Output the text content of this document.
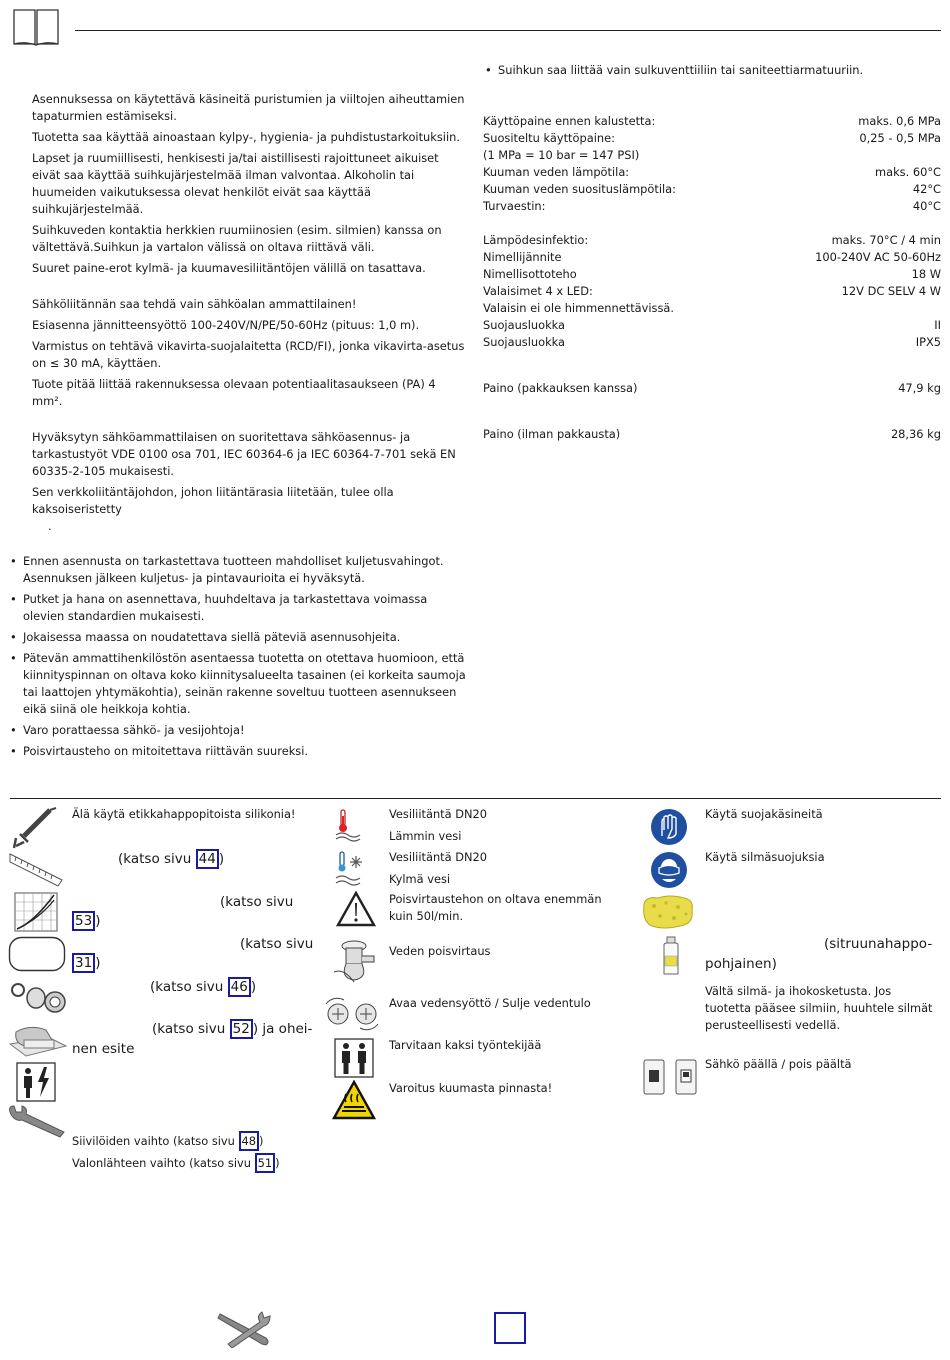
• Suihkun saa liittää vain sulkuventtiiliin tai saniteettiarmatuuriin.

Asennuksessa on käytettävä käsineitä puristumien ja viiltojen aiheuttamien tapaturmien estämiseksi.

Tuotetta saa käyttää ainoastaan kylpy-, hygienia- ja puhdistustarkoituksiin.

Lapset ja ruumiillisesti, henkisesti ja/tai aistillisesti rajoittuneet aikuiset eivät saa käyttää suihkujärjestelmää ilman valvontaa. Alkoholin tai huumeiden vaikutuksessa olevat henkilöt eivät saa käyttää suihkujärjestelmää.

Suihkuveden kontaktia herkkien ruumiinosien (esim. silmien) kanssa on vältettävä.Suihkun ja vartalon välissä on oltava riittävä väli.

Suuret paine-erot kylmä- ja kuumavesiliitäntöjen välillä on tasattava.

Sähköliitännän saa tehdä vain sähköalan ammattilainen!

Esiasenna jännitteensyöttö 100-240V/N/PE/50-60Hz (pituus: 1,0 m).

Varmistus on tehtävä vikavirta-suojalaitetta (RCD/FI), jonka vikavirta-asetus on ≤ 30 mA, käyttäen.

Tuote pitää liittää rakennuksessa olevaan potentiaalitasaukseen (PA) 4 mm².

Hyväksytyn sähköammattilaisen on suoritettava sähköasennus- ja tarkastustyöt VDE 0100 osa 701, IEC 60364-6 ja IEC 60364-7-701 sekä EN 60335-2-105 mukaisesti.

Sen verkkoliitäntäjohdon, johon liitäntärasia liitetään, tulee olla kaksoiseristetty

.

• Ennen asennusta on tarkastettava tuotteen mahdolliset kuljetusvahingot. Asennuksen jälkeen kuljetus- ja pintavaurioita ei hyväksytä.
• Putket ja hana on asennettava, huuhdeltava ja tarkastettava voimassa olevien standardien mukaisesti.
• Jokaisessa maassa on noudatettava siellä päteviä asennusohjeita.
• Pätevän ammattihenkilöstön asentaessa tuotetta on otettava huomioon, että kiinnityspinnan on oltava koko kiinnitysalueelta tasainen (ei korkeita saumoja tai laattojen yhtymäkohtia), seinän rakenne soveltuu tuotteen asennukseen eikä siinä ole heikkoja kohtia.
• Varo porattaessa sähkö- ja vesijohtoja!
• Poisvirtausteho on mitoitettava riittävän suureksi.
Käyttöpaine ennen kalustetta:	maks. 0,6 MPa
Suositeltu käyttöpaine:	0,25 - 0,5 MPa
(1 MPa = 10 bar = 147 PSI)
Kuuman veden lämpötila:	maks. 60°C
Kuuman veden suosituslämpötila:	42°C
Turvaestin:	40°C
Lämpödesinfektio:	maks. 70°C / 4 min
Nimellijännite	100-240V AC 50-60Hz
Nimellisottoteho	18 W
Valaisimet 4 x LED:	12V DC SELV 4 W
Valaisin ei ole himmennettävissä.
Suojausluokka	II
Suojausluokka	IPX5
Paino (pakkauksen kanssa)	47,9 kg
Paino (ilman pakkausta)	28,36 kg
Älä käytä etikkahappopitoista silikonia!
(katso sivu 44 )
(katso sivu
53 )
(katso sivu
31 )
(katso sivu 46 )
(katso sivu 52 ) ja ohei-
nen esite
Siivilöiden vaihto (katso sivu 48 )
Valonlähteen vaihto (katso sivu 51 )
Vesiliitäntä DN20
Lämmin vesi
Vesiliitäntä DN20
Kylmä vesi
Poisvirtaustehon on oltava enemmän kuin 50l/min.
Veden poisvirtaus
Avaa vedensyöttö / Sulje vedentulo
Tarvitaan kaksi työntekijää
Varoitus kuumasta pinnasta!
Käytä suojakäsineitä
Käytä silmäsuojuksia
(sitruunahappo-
pohjainen)
Vältä silmä- ja ihokosketusta. Jos tuotetta pääsee silmiin, huuhtele silmät perusteellisesti vedellä.
Sähkö päällä / pois päältä
